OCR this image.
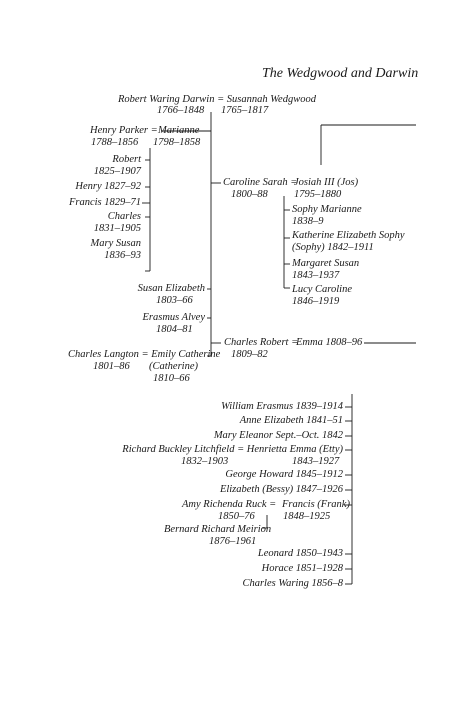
The Wedgwood and Darwin
Robert Waring Darwin = Susannah Wedgwood
1766–1848 1765–1817
Henry Parker =
1788–1856
Marianne
1798–1858
Robert
1825–1907
Henry 1827–92
Francis 1829–71
Charles
1831–1905
Mary Susan
1836–93
Caroline Sarah =
1800–88
Josiah III (Jos)
1795–1880
Sophy Marianne
1838–9
Katherine Elizabeth Sophy
(Sophy) 1842–1911
Margaret Susan
1843–1937
Lucy Caroline
1846–1919
Susan Elizabeth
1803–66
Erasmus Alvey
1804–81
Charles Robert =
1809–82
Emma 1808–96
Charles Langton = Emily Catherine
1801–86 (Catherine)
1810–66
William Erasmus 1839–1914
Anne Elizabeth 1841–51
Mary Eleanor Sept.–Oct. 1842
Richard Buckley Litchfield = Henrietta Emma (Etty)
1832–1903	1843–1927
George Howard 1845–1912
Elizabeth (Bessy) 1847–1926
Amy Richenda Ruck =
1850–76
Francis (Frank)
1848–1925
Bernard Richard Meirion
1876–1961
Leonard 1850–1943
Horace 1851–1928
Charles Waring 1856–8
